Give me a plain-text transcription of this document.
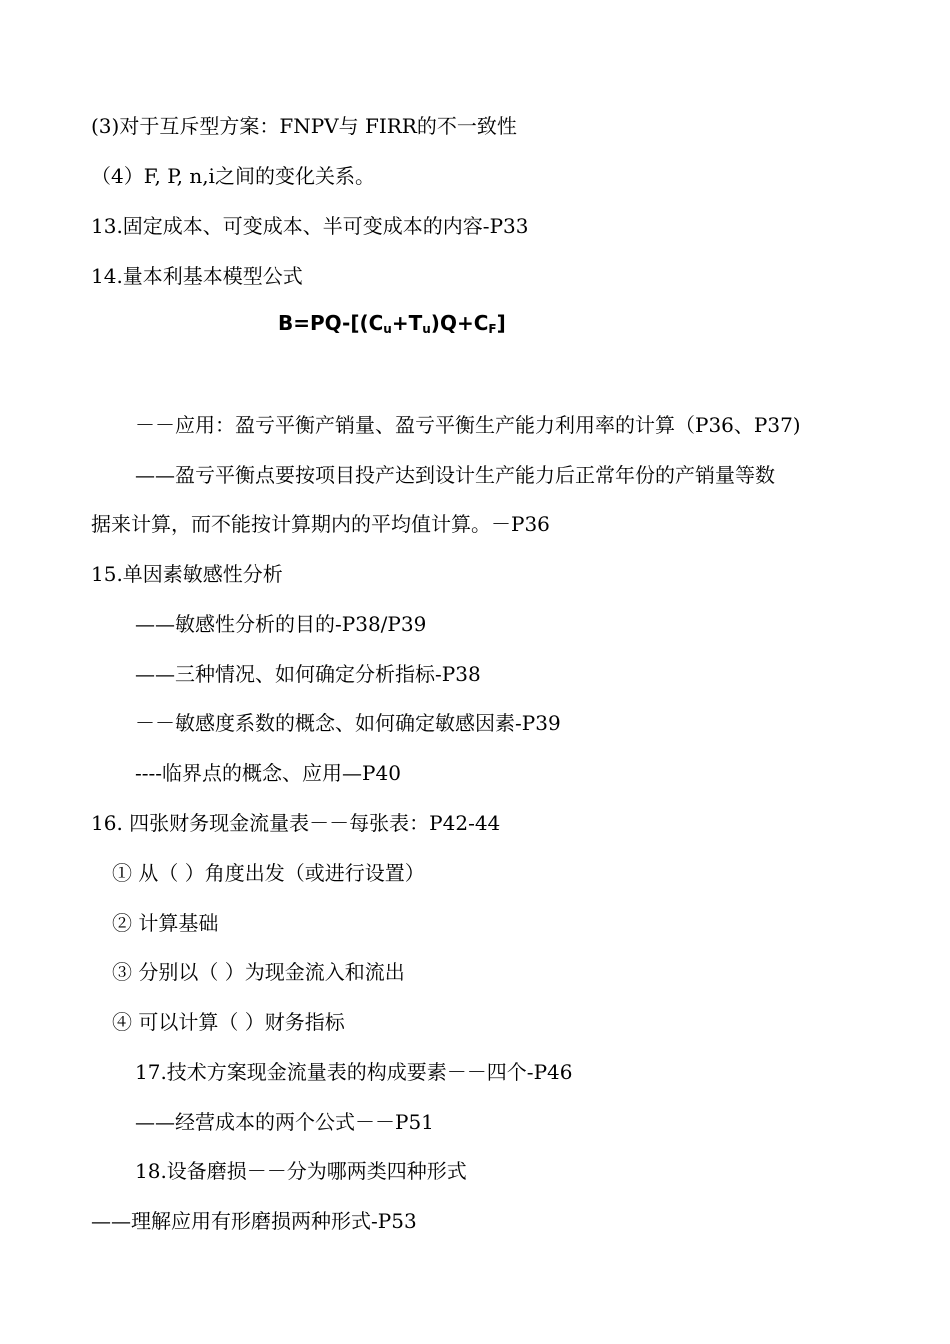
(3)对于互斥型方案：FNPV与 FIRR的不一致性
（4）F, P, n,i之间的变化关系。
13.固定成本、可变成本、半可变成本的内容-P33
14.量本利基本模型公式
$B=PQ-[(C_u+T_u)Q+C_F]$
－－应用：盈亏平衡产销量、盈亏平衡生产能力利用率的计算（P36、P37)
——盈亏平衡点要按项目投产达到设计生产能力后正常年份的产销量等数
据来计算，而不能按计算期内的平均值计算。－P36
15.单因素敏感性分析
——敏感性分析的目的-P38/P39
——三种情况、如何确定分析指标-P38
－－敏感度系数的概念、如何确定敏感因素-P39
----临界点的概念、应用—P40
16. 四张财务现金流量表－－每张表：P42-44
① 从（ ）角度出发（或进行设置）
② 计算基础
③ 分别以（ ）为现金流入和流出
④ 可以计算（ ）财务指标
17.技术方案现金流量表的构成要素－－四个-P46
——经营成本的两个公式－－P51
18.设备磨损－－分为哪两类四种形式
——理解应用有形磨损两种形式-P53
